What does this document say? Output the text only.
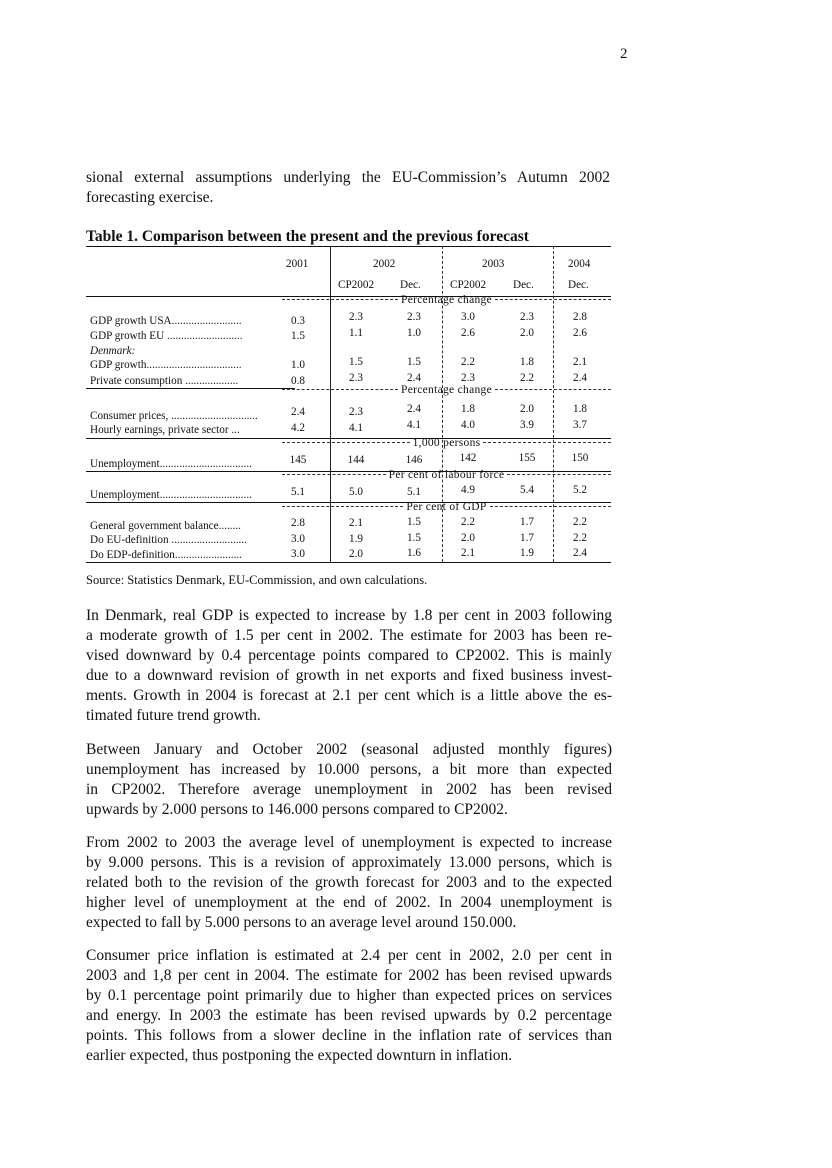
2
sional external assumptions underlying the EU-Commission’s Autumn 2002
forecasting exercise.
Table 1. Comparison between the present and the previous forecast
2001	2002	2003	2004
CP2002 Dec.	CP2002 Dec.	Dec.
Percentage change
GDP growth USA.........................	0.3	2.3	2.3	3.0	2.3	2.8
GDP growth EU ...........................	1.5	1.1	1.0	2.6	2.0	2.6
Denmark:
GDP growth..................................	1.0	1.5	1.5	2.2	1.8	2.1
Private consumption ...................	0.8	2.3	2.4	2.3	2.2	2.4
Percentage change
Consumer prices, ...............................	2.4	2.3	2.4	1.8	2.0	1.8
Hourly earnings, private sector ...	4.2	4.1	4.1	4.0	3.9	3.7
1,000 persons
Unemployment.................................	145	144	146	142	155	150
Per cent of labour force
Unemployment.................................	5.1	5.0	5.1	4.9	5.4	5.2
Per cent of GDP
General government balance........	2.8	2.1	1.5	2.2	1.7	2.2
Do EU-definition ...........................	3.0	1.9	1.5	2.0	1.7	2.2
Do EDP-definition........................	3.0	2.0	1.6	2.1	1.9	2.4
Source: Statistics Denmark, EU-Commission, and own calculations.
In Denmark, real GDP is expected to increase by 1.8 per cent in 2003 following
a moderate growth of 1.5 per cent in 2002. The estimate for 2003 has been re-
vised downward by 0.4 percentage points compared to CP2002. This is mainly
due to a downward revision of growth in net exports and fixed business invest-
ments. Growth in 2004 is forecast at 2.1 per cent which is a little above the es-
timated future trend growth.
Between January and October 2002 (seasonal adjusted monthly figures)
unemployment has increased by 10.000 persons, a bit more than expected
in CP2002. Therefore average unemployment in 2002 has been revised
upwards by 2.000 persons to 146.000 persons compared to CP2002.
From 2002 to 2003 the average level of unemployment is expected to increase
by 9.000 persons. This is a revision of approximately 13.000 persons, which is
related both to the revision of the growth forecast for 2003 and to the expected
higher level of unemployment at the end of 2002. In 2004 unemployment is
expected to fall by 5.000 persons to an average level around 150.000.
Consumer price inflation is estimated at 2.4 per cent in 2002, 2.0 per cent in
2003 and 1,8 per cent in 2004. The estimate for 2002 has been revised upwards
by 0.1 percentage point primarily due to higher than expected prices on services
and energy. In 2003 the estimate has been revised upwards by 0.2 percentage
points. This follows from a slower decline in the inflation rate of services than
earlier expected, thus postponing the expected downturn in inflation.
